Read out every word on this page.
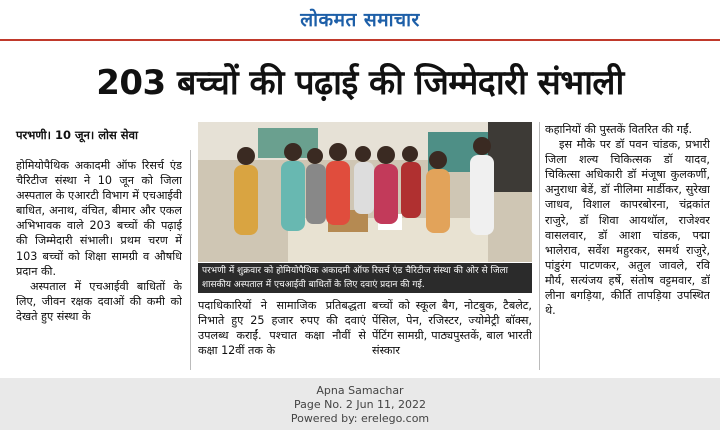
लोकमत समाचार
203 बच्चों की पढ़ाई की जिम्मेदारी संभाली
परभणी। 10 जून। लोस सेवा

होमियोपैथिक अकादमी ऑफ रिसर्च एंड चैरिटीज संस्था ने 10 जून को जिला अस्पताल के एआरटी विभाग में एचआईवी बाधित, अनाथ, वंचित, बीमार और एकल अभिभावक वाले 203 बच्चों की पढ़ाई की जिम्मेदारी संभाली। प्रथम चरण में 103 बच्चों को शिक्षा सामग्री व औषधि प्रदान की.

अस्पताल में एचआईवी बाधितों के लिए, जीवन रक्षक दवाओं की कमी को देखते हुए संस्था के

परभणी में शुक्रवार को होमियोपैथिक अकादमी ऑफ रिसर्च एंड चैरिटीज संस्था की ओर से जिला शासकीय अस्पताल में एचआईवी बाधितों के लिए दवाएं प्रदान की गई.

पदाधिकारियों ने सामाजिक प्रतिबद्धता निभाते हुए 25 हजार रुपए की दवाएं उपलब्ध कराईं. पश्चात कक्षा नौवीं से कक्षा 12वीं तक के

बच्चों को स्कूल बैग, नोटबुक, टैबलेट, पेंसिल, पेन, रजिस्टर, ज्योमेट्री बॉक्स, पेंटिंग सामग्री, पाठ्यपुस्तकें, बाल भारती संस्कार

कहानियों की पुस्तकें वितरित की गईं.

इस मौके पर डॉ पवन चांडक, प्रभारी जिला शल्य चिकित्सक डॉ यादव, चिकित्सा अधिकारी डॉ मंजूषा कुलकर्णी, अनुराधा बेडें, डॉ नीलिमा मार्डीकर, सुरेखा जाधव, विशाल कापरबोरना, चंद्रकांत राजुरे, डॉ शिवा आयथॉल, राजेश्वर वासलवार, डॉ आशा चांडक, पद्मा भालेराव, सर्वेश महुरकर, समर्थ राजुरे, पांडुरंग पाटणकर, अतुल जावले, रवि मौर्य, सत्यंजय हर्षे, संतोष वट्टमवार, डॉ लीना बगड़िया, कीर्ति तापड़िया उपस्थित थे.

Apna Samachar
Page No. 2 Jun 11, 2022
Powered by: erelego.com
